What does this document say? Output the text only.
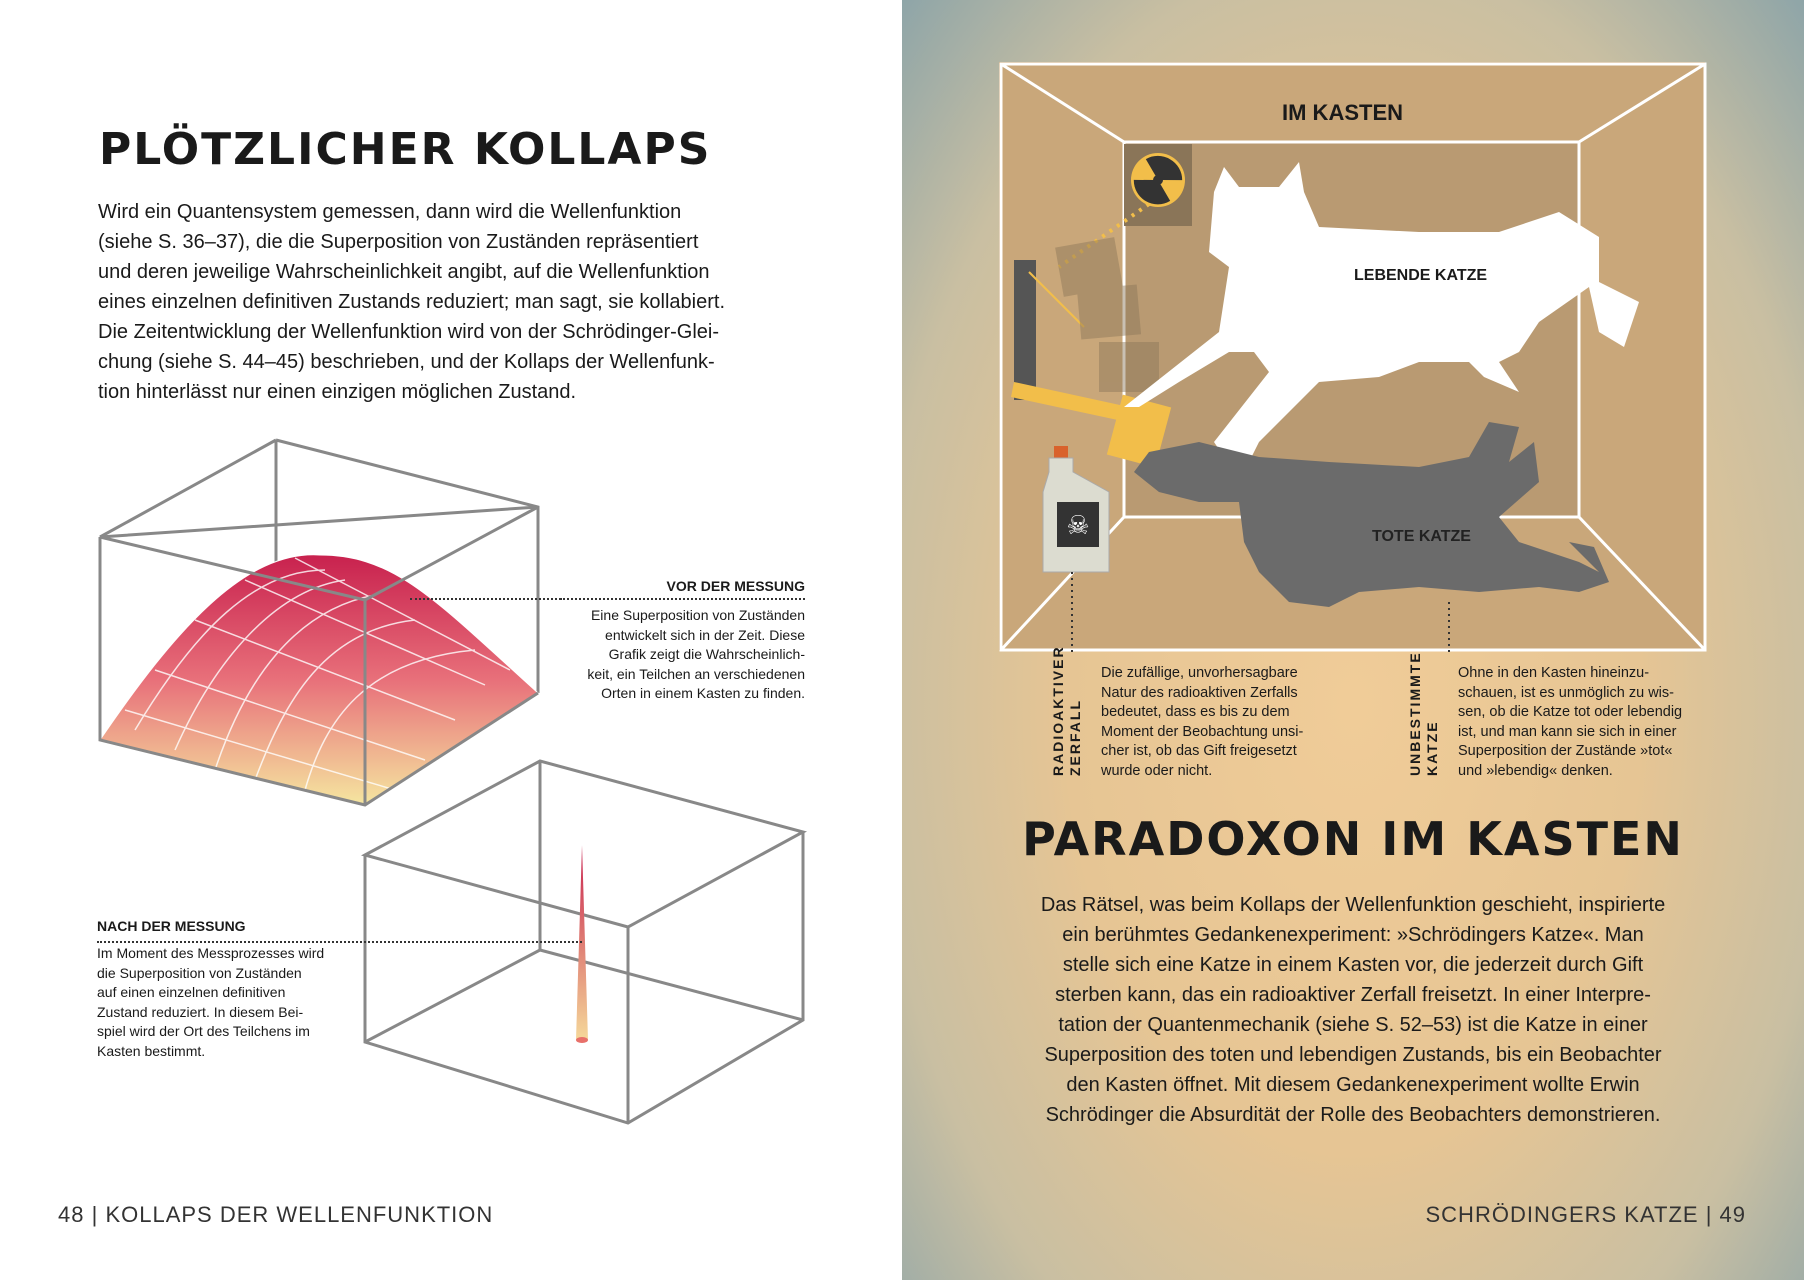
PLÖTZLICHER KOLLAPS
Wird ein Quantensystem gemessen, dann wird die Wellenfunktion
(siehe S. 36–37), die die Superposition von Zuständen repräsentiert
und deren jeweilige Wahrscheinlichkeit angibt, auf die Wellenfunktion
eines einzelnen definitiven Zustands reduziert; man sagt, sie kollabiert.
Die Zeitentwicklung der Wellenfunktion wird von der Schrödinger-Glei-
chung (siehe S. 44–45) beschrieben, und der Kollaps der Wellenfunk-
tion hinterlässt nur einen einzigen möglichen Zustand.
VOR DER MESSUNG

Eine Superposition von Zuständen
entwickelt sich in der Zeit. Diese
Grafik zeigt die Wahrscheinlich-
keit, ein Teilchen an verschiedenen
Orten in einem Kasten zu finden.

NACH DER MESSUNG

Im Moment des Messprozesses wird
die Superposition von Zuständen
auf einen einzelnen definitiven
Zustand reduziert. In diesem Bei-
spiel wird der Ort des Teilchens im
Kasten bestimmt.

48 | KOLLAPS DER WELLENFUNKTION
☠
IM KASTEN
LEBENDE KATZE
TOTE KATZE
RADIOAKTIVER
ZERFALL
Die zufällige, unvorhersagbare
Natur des radioaktiven Zerfalls
bedeutet, dass es bis zu dem
Moment der Beobachtung unsi-
cher ist, ob das Gift freigesetzt
wurde oder nicht.	UNBESTIMMTE
KATZE
Ohne in den Kasten hineinzu-
schauen, ist es unmöglich zu wis-
sen, ob die Katze tot oder lebendig
ist, und man kann sie sich in einer
Superposition der Zustände »tot«
und »lebendig« denken.
PARADOXON IM KASTEN
Das Rätsel, was beim Kollaps der Wellenfunktion geschieht, inspirierte
ein berühmtes Gedankenexperiment: »Schrödingers Katze«. Man
stelle sich eine Katze in einem Kasten vor, die jederzeit durch Gift
sterben kann, das ein radioaktiver Zerfall freisetzt. In einer Interpre-
tation der Quantenmechanik (siehe S. 52–53) ist die Katze in einer
Superposition des toten und lebendigen Zustands, bis ein Beobachter
den Kasten öffnet. Mit diesem Gedankenexperiment wollte Erwin
Schrödinger die Absurdität der Rolle des Beobachters demonstrieren.
SCHRÖDINGERS KATZE | 49
